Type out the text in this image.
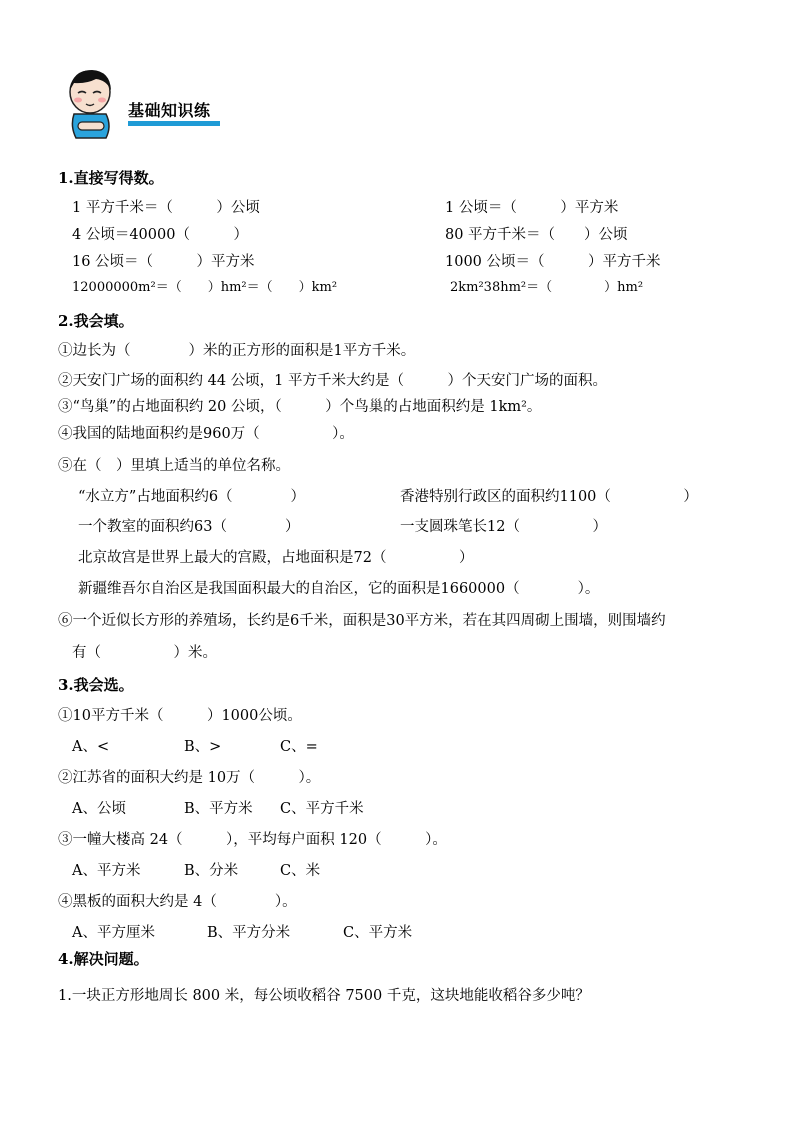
基础知识练
1.直接写得数。
1 平方千米＝（　　　）公顷	1 公顷＝（　　　）平方米
4 公顷＝40000（　　　）	80 平方千米＝（　　）公顷
16 公顷＝（　　　）平方米	1000 公顷＝（　　　）平方千米
12000000m²＝（　　）hm²＝（　　）km²	2km²38hm²＝（　　　　）hm²
2.我会填。
①边长为（　　　　）米的正方形的面积是1平方千米。
②天安门广场的面积约 44 公顷，1 平方千米大约是（　　　）个天安门广场的面积。
③“鸟巢”的占地面积约 20 公顷，（　　　）个鸟巢的占地面积约是 1km²。
④我国的陆地面积约是960万（　　　　　）。
⑤在（　）里填上适当的单位名称。
“水立方”占地面积约6（　　　　）	香港特别行政区的面积约1100（　　　　　）
一个教室的面积约63（　　　　）	一支圆珠笔长12（　　　　　）
北京故宫是世界上最大的宫殿，占地面积是72（　　　　　）
新疆维吾尔自治区是我国面积最大的自治区，它的面积是1660000（　　　　）。
⑥一个近似长方形的养殖场，长约是6千米，面积是30平方米，若在其四周砌上围墙，则围墙约
有（　　　　　）米。
3.我会选。
①10平方千米（　　　）1000公顷。
A、<	B、>	C、=
②江苏省的面积大约是 10万（　　　）。
A、公顷	B、平方米 C、平方千米
③一幢大楼高 24（　　　），平均每户面积 120（　　　）。
A、平方米	B、分米	C、米
④黑板的面积大约是 4（　　　　）。
A、平方厘米	B、平方分米	C、平方米
4.解决问题。
1.一块正方形地周长 800 米，每公顷收稻谷 7500 千克，这块地能收稻谷多少吨？
